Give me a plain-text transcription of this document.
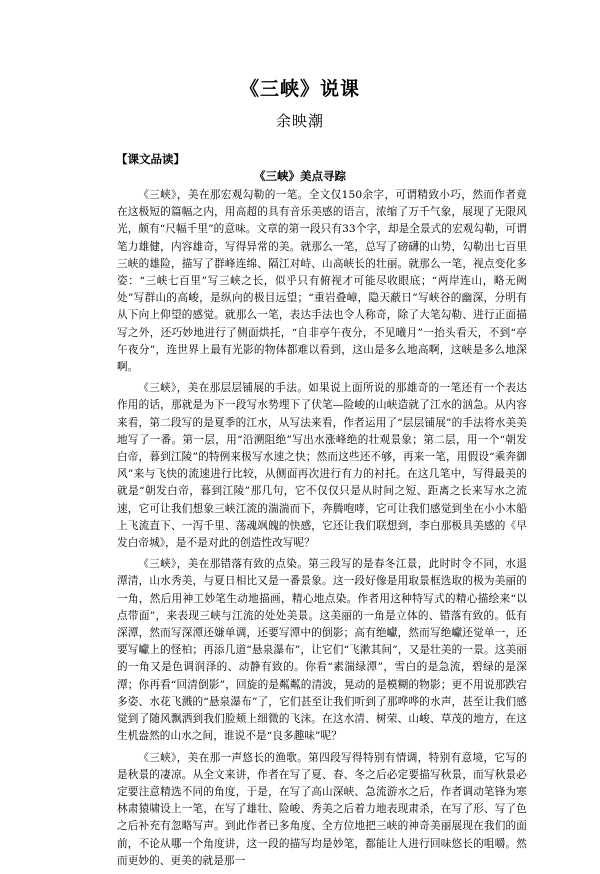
《三峡》说课
余映潮
【课文品读】
《三峡》美点寻踪

《三峡》，美在那宏观勾勒的一笔。全文仅150余字，可谓精致小巧，然而作者竟在这极短的篇幅之内，用高超的具有音乐美感的语言，浓缩了万千气象，展现了无限风光，颇有“尺幅千里”的意味。文章的第一段只有33个字，却是全景式的宏观勾勒，可谓笔力雄健，内容雄奇，写得异常的美。就那么一笔，总写了磅礴的山势，勾勒出七百里三峡的雄险，描写了群峰连绵、隔江对峙、山高峡长的壮丽。就那么一笔，视点变化多姿：“三峡七百里”写三峡之长，似乎只有俯视才可能尽收眼底；“两岸连山，略无阙处”写群山的高峻，是纵向的极目远望；“重岩叠嶂，隐天蔽日”写峡谷的幽深，分明有从下向上仰望的感觉。就那么一笔，表达手法也令人称奇，除了大笔勾勒、进行正面描写之外，还巧妙地进行了侧面烘托，“自非亭午夜分，不见曦月”一抬头看天，不到“亭午夜分”，连世界上最有光影的物体都难以看到，这山是多么地高啊，这峡是多么地深啊。

《三峡》，美在那层层铺展的手法。如果说上面所说的那雄奇的一笔还有一个表达作用的话，那就是为下一段写水势埋下了伏笔—险峻的山峡造就了江水的汹急。从内容来看，第二段写的是夏季的江水，从写法来看，作者运用了“层层铺展”的手法将水美美地写了一番。第一层，用“沿溯阻绝”写出水涨峰绝的壮观景象；第二层，用一个“朝发白帝，暮到江陵”的特例来极写水速之快；然而这些还不够，再来一笔，用假设“乘奔御风”来与飞快的流速进行比较，从侧面再次进行有力的衬托。在这几笔中，写得最美的就是“朝发白帝，暮到江陵”那几句，它不仅仅只是从时间之短、距离之长来写水之流速，它可让我们想象三峡江流的湍湍而下，奔腾咆哮，它可让我们感觉到坐在小小木船上飞流直下、一泻千里、荡魂飒魄的快感，它还让我们联想到，李白那极具美感的《早发白帝城》，是不是对此的创造性改写呢？

《三峡》，美在那错落有致的点染。第三段写的是春冬江景，此时时令不同，水退潭清，山水秀美，与夏日相比又是一番景象。这一段好像是用取景框选取的极为美丽的一角，然后用神工妙笔生动地描画，精心地点染。作者用这种特写式的精心描绘来“以点带面”，来表现三峡与江流的处处美景。这美丽的一角是立体的、错落有致的。低有深潭，然而写深潭还嫌单调，还要写潭中的倒影；高有绝巘，然而写绝巘还觉单一，还要写巘上的怪柏；再添几道“悬泉瀑布”，让它们“飞漱其间”，又是壮美的一景。这美丽的一角又是色调润泽的、动静有致的。你看“素湍绿潭”，雪白的是急流，碧绿的是深潭；你再看“回清倒影”，回旋的是粼粼的清波，晃动的是模糊的物影；更不用说那跌宕多姿、水花飞溅的“悬泉瀑布”了，它们甚至让我们听到了那哗哗的水声，甚至让我们感觉到了随风飘洒到我们脸颊上细微的飞沫。在这水清、树荣、山峻、草茂的地方，在这生机盎然的山水之间，谁说不是“良多趣味”呢？

《三峡》，美在那一声悠长的渔歌。第四段写得特别有情调，特别有意境，它写的是秋景的凄凉。从全文来讲，作者在写了夏、春、冬之后必定要描写秋景，而写秋景必定要注意精选不同的角度，于是，在写了高山深峡、急流游水之后，作者调动笔锋为寒林肃猿啸设上一笔，在写了雄壮、险峻、秀美之后着力地表现肃杀，在写了形、写了色之后补充有忽略写声。到此作者已多角度、全方位地把三峡的神奇美丽展现在我们的面前，不论从哪一个角度讲，这一段的描写均是妙笔，都能让人进行回味悠长的咀嚼。然而更妙的、更美的就是那一
